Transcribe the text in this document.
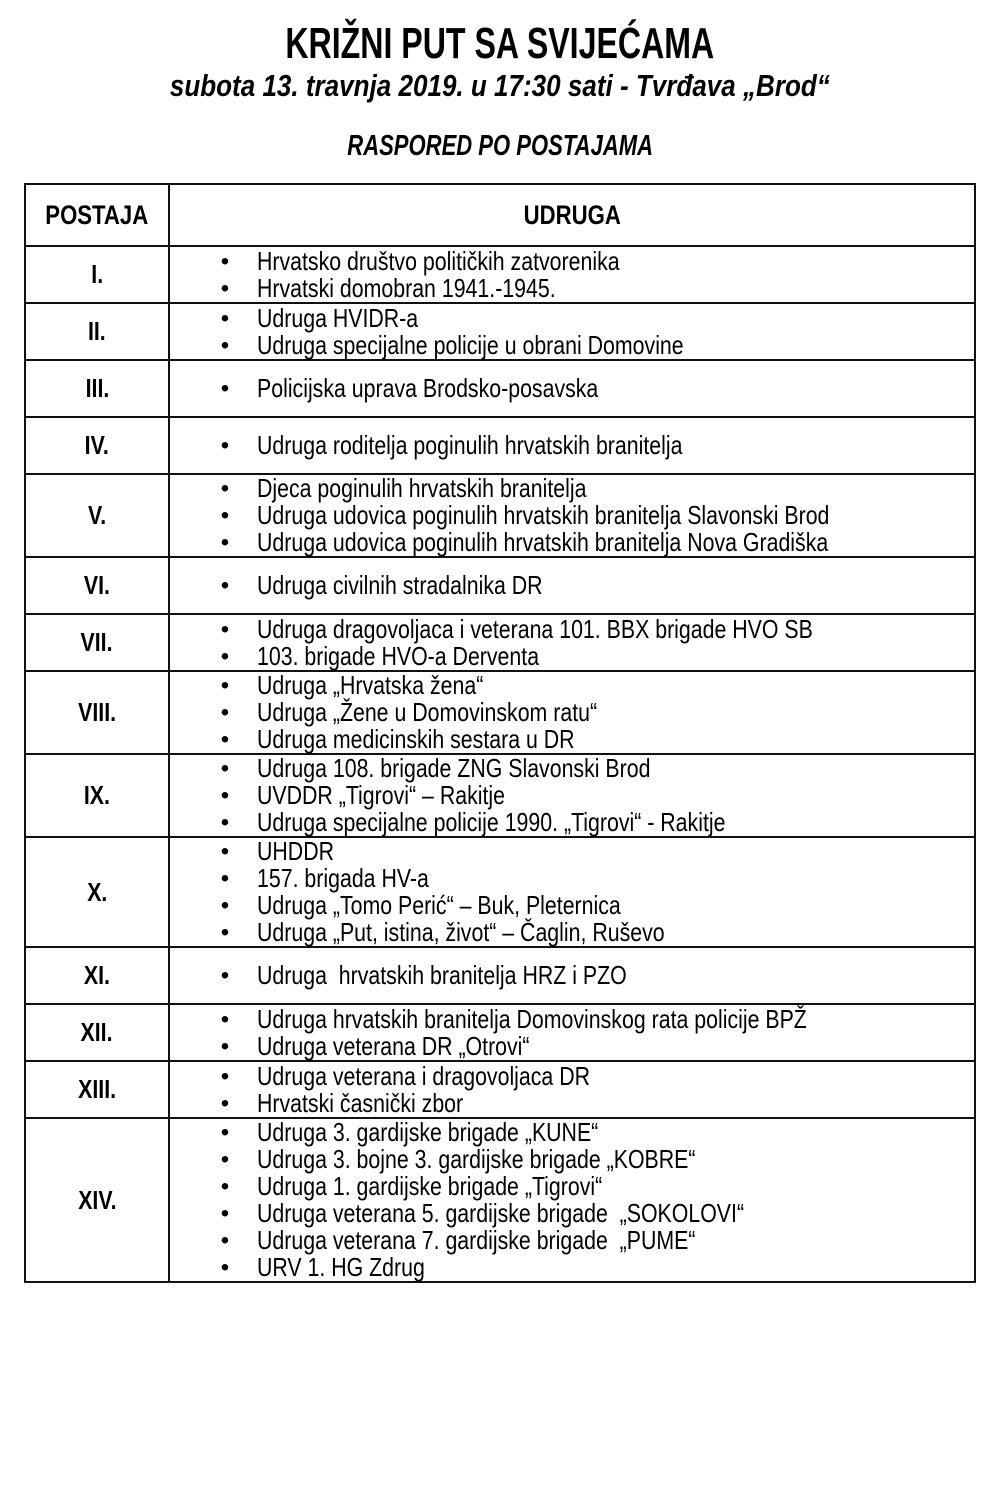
KRIŽNI PUT SA SVIJEĆAMA
subota 13. travnja 2019. u 17:30 sati - Tvrđava „Brod“
RASPORED PO POSTAJAMA
POSTAJA	UDRUGA
I.	• Hrvatsko društvo političkih zatvorenika
• Hrvatski domobran 1941.-1945.

II.	• Udruga HVIDR-a
• Udruga specijalne policije u obrani Domovine

III.	• Policijska uprava Brodsko-posavska

IV.	• Udruga roditelja poginulih hrvatskih branitelja

V.	
• Djeca poginulih hrvatskih branitelja
• Udruga udovica poginulih hrvatskih branitelja Slavonski Brod
• Udruga udovica poginulih hrvatskih branitelja Nova Gradiška

VI.	• Udruga civilnih stradalnika DR

VII.	• Udruga dragovoljaca i veterana 101. BBX brigade HVO SB
• 103. brigade HVO-a Derventa

VIII.	
• Udruga „Hrvatska žena“
• Udruga „Žene u Domovinskom ratu“
• Udruga medicinskih sestara u DR

IX.	
• Udruga 108. brigade ZNG Slavonski Brod
• UVDDR „Tigrovi“ – Rakitje
• Udruga specijalne policije 1990. „Tigrovi“ - Rakitje

X.	
• UHDDR
• 157. brigada HV-a
• Udruga „Tomo Perić“ – Buk, Pleternica
• Udruga „Put, istina, život“ – Čaglin, Ruševo

XI.	• Udruga  hrvatskih branitelja HRZ i PZO

XII.	• Udruga hrvatskih branitelja Domovinskog rata policije BPŽ
• Udruga veterana DR „Otrovi“

XIII.	• Udruga veterana i dragovoljaca DR
• Hrvatski časnički zbor

XIV.	
• Udruga 3. gardijske brigade „KUNE“
• Udruga 3. bojne 3. gardijske brigade „KOBRE“
• Udruga 1. gardijske brigade „Tigrovi“
• Udruga veterana 5. gardijske brigade  „SOKOLOVI“
• Udruga veterana 7. gardijske brigade  „PUME“
• URV 1. HG Zdrug
